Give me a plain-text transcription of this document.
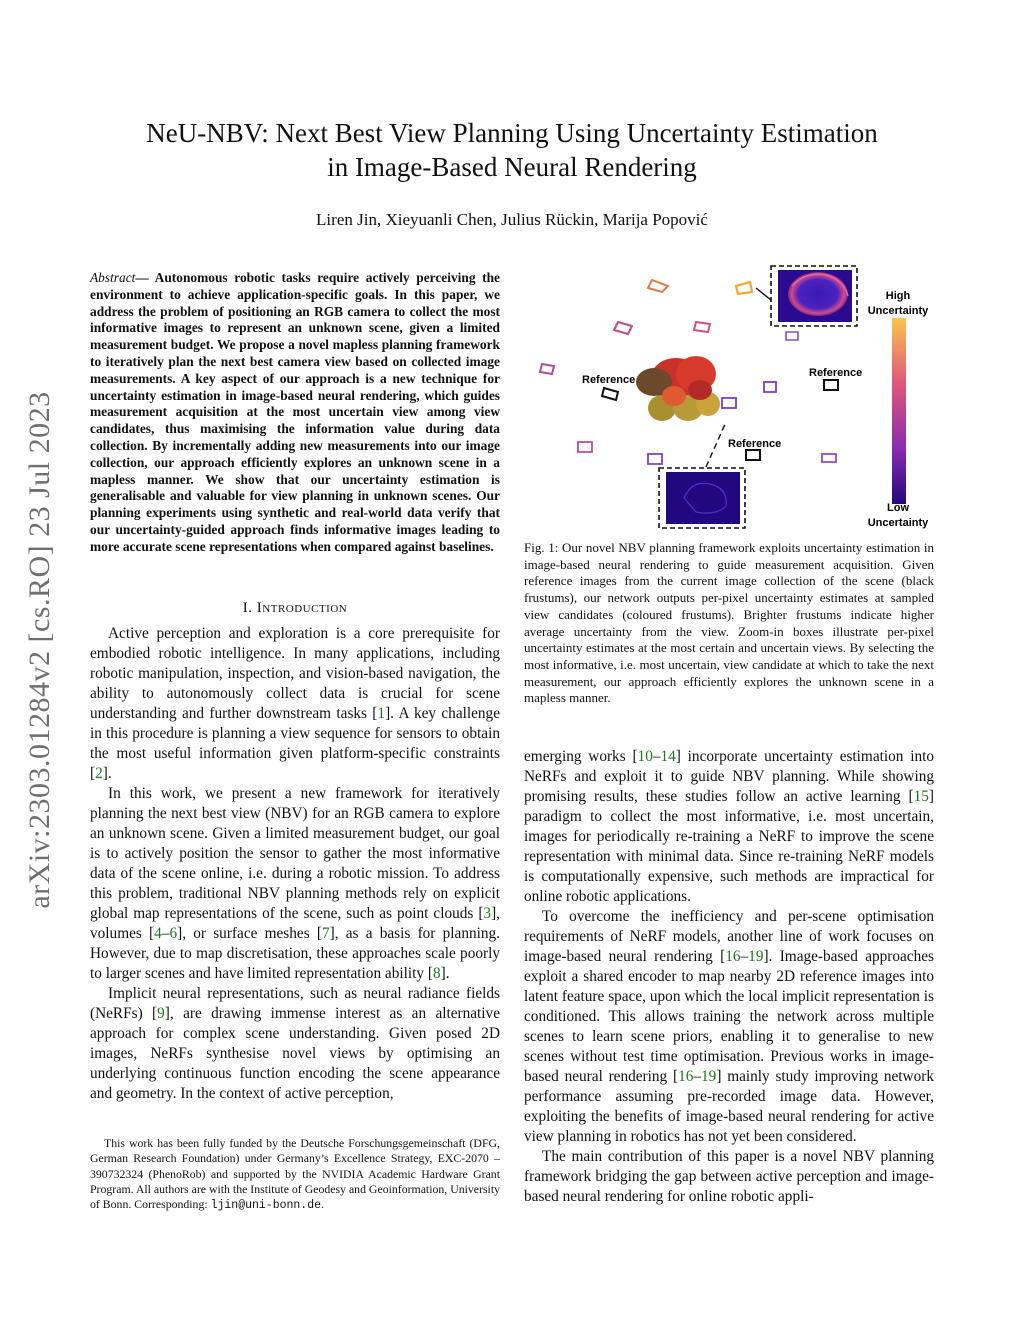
arXiv:2303.01284v2 [cs.RO] 23 Jul 2023
NeU-NBV: Next Best View Planning Using Uncertainty Estimation
in Image-Based Neural Rendering
Liren Jin, Xieyuanli Chen, Julius Rückin, Marija Popović
Abstract— Autonomous robotic tasks require actively perceiving the environment to achieve application-specific goals. In this paper, we address the problem of positioning an RGB camera to collect the most informative images to represent an unknown scene, given a limited measurement budget. We propose a novel mapless planning framework to iteratively plan the next best camera view based on collected image measurements. A key aspect of our approach is a new technique for uncertainty estimation in image-based neural rendering, which guides measurement acquisition at the most uncertain view among view candidates, thus maximising the information value during data collection. By incrementally adding new measurements into our image collection, our approach efficiently explores an unknown scene in a mapless manner. We show that our uncertainty estimation is generalisable and valuable for view planning in unknown scenes. Our planning experiments using synthetic and real-world data verify that our uncertainty-guided approach finds informative images leading to more accurate scene representations when compared against baselines.
I. Introduction

Active perception and exploration is a core prerequisite for embodied robotic intelligence. In many applications, including robotic manipulation, inspection, and vision-based navigation, the ability to autonomously collect data is crucial for scene understanding and further downstream tasks [1]. A key challenge in this procedure is planning a view sequence for sensors to obtain the most useful information given platform-specific constraints [2].

In this work, we present a new framework for iteratively planning the next best view (NBV) for an RGB camera to explore an unknown scene. Given a limited measurement budget, our goal is to actively position the sensor to gather the most informative data of the scene online, i.e. during a robotic mission. To address this problem, traditional NBV planning methods rely on explicit global map representations of the scene, such as point clouds [3], volumes [4–6], or surface meshes [7], as a basis for planning. However, due to map discretisation, these approaches scale poorly to larger scenes and have limited representation ability [8].

Implicit neural representations, such as neural radiance fields (NeRFs) [9], are drawing immense interest as an alternative approach for complex scene understanding. Given posed 2D images, NeRFs synthesise novel views by optimising an underlying continuous function encoding the scene appearance and geometry. In the context of active perception,

This work has been fully funded by the Deutsche Forschungsgemeinschaft (DFG, German Research Foundation) under Germany’s Excellence Strategy, EXC-2070 – 390732324 (PhenoRob) and supported by the NVIDIA Academic Hardware Grant Program. All authors are with the Institute of Geodesy and Geoinformation, University of Bonn. Corresponding: ljin@uni-bonn.de.

Reference
Reference
Reference
High
Uncertainty
Low
Uncertainty
Fig. 1: Our novel NBV planning framework exploits uncertainty estimation in image-based neural rendering to guide measurement acquisition. Given reference images from the current image collection of the scene (black frustums), our network outputs per-pixel uncertainty estimates at sampled view candidates (coloured frustums). Brighter frustums indicate higher average uncertainty from the view. Zoom-in boxes illustrate per-pixel uncertainty estimates at the most certain and uncertain views. By selecting the most informative, i.e. most uncertain, view candidate at which to take the next measurement, our approach efficiently explores the unknown scene in a mapless manner.

emerging works [10–14] incorporate uncertainty estimation into NeRFs and exploit it to guide NBV planning. While showing promising results, these studies follow an active learning [15] paradigm to collect the most informative, i.e. most uncertain, images for periodically re-training a NeRF to improve the scene representation with minimal data. Since re-training NeRF models is computationally expensive, such methods are impractical for online robotic applications.

To overcome the inefficiency and per-scene optimisation requirements of NeRF models, another line of work focuses on image-based neural rendering [16–19]. Image-based approaches exploit a shared encoder to map nearby 2D reference images into latent feature space, upon which the local implicit representation is conditioned. This allows training the network across multiple scenes to learn scene priors, enabling it to generalise to new scenes without test time optimisation. Previous works in image-based neural rendering [16–19] mainly study improving network performance assuming pre-recorded image data. However, exploiting the benefits of image-based neural rendering for active view planning in robotics has not yet been considered.

The main contribution of this paper is a novel NBV planning framework bridging the gap between active perception and image-based neural rendering for online robotic appli-
